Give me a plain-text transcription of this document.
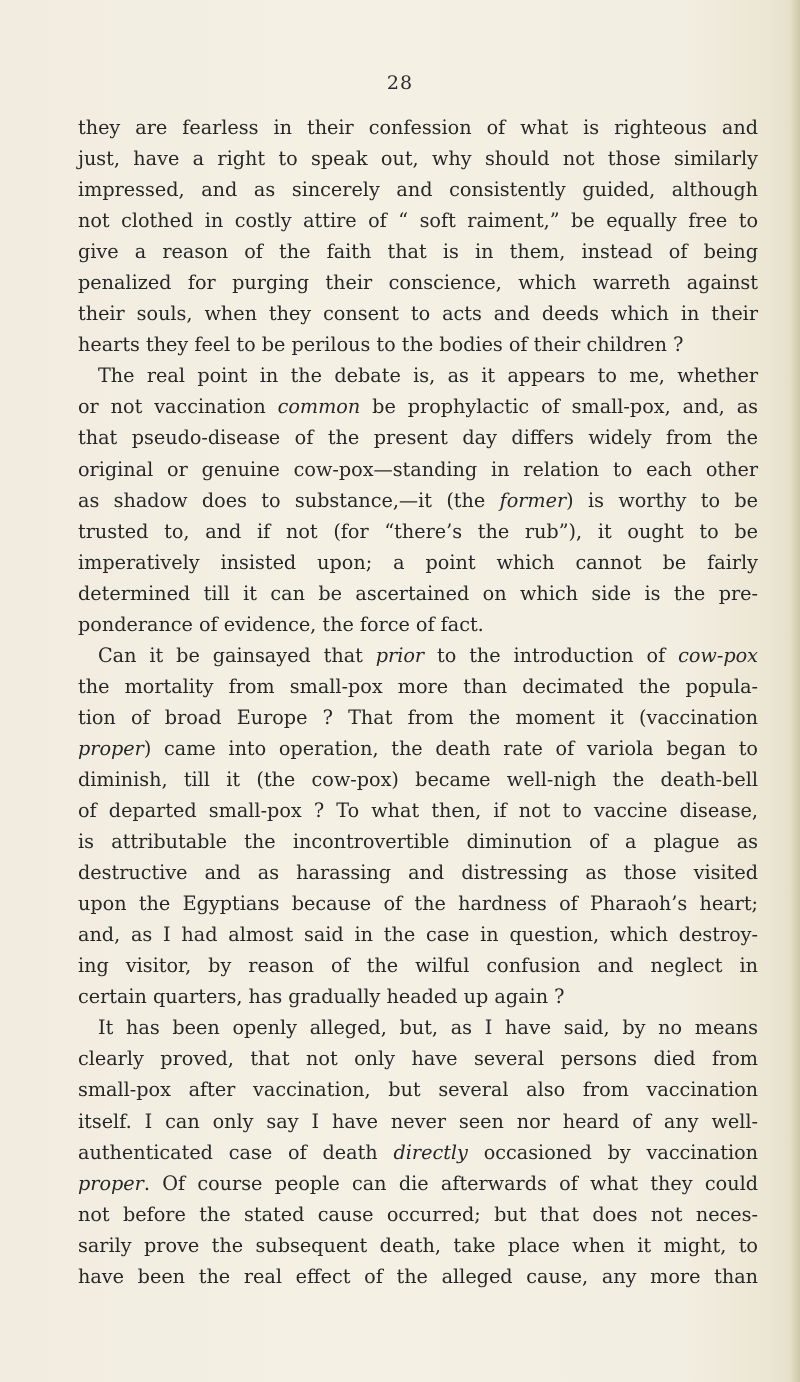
28
they are fearless in their confession of what is righteous and
just, have a right to speak out, why should not those similarly
impressed, and as sincerely and consistently guided, although
not clothed in costly attire of “ soft raiment,” be equally free to
give a reason of the faith that is in them, instead of being
penalized for purging their conscience, which warreth against
their souls, when they consent to acts and deeds which in their
hearts they feel to be perilous to the bodies of their children ?
The real point in the debate is, as it appears to me, whether
or not vaccination common be prophylactic of small-pox, and, as
that pseudo-disease of the present day differs widely from the
original or genuine cow-pox—standing in relation to each other
as shadow does to substance,—it (the former) is worthy to be
trusted to, and if not (for “there’s the rub”), it ought to be
imperatively insisted upon; a point which cannot be fairly
determined till it can be ascertained on which side is the pre-
ponderance of evidence, the force of fact.
Can it be gainsayed that prior to the introduction of cow-pox
the mortality from small-pox more than decimated the popula-
tion of broad Europe ? That from the moment it (vaccination
proper) came into operation, the death rate of variola began to
diminish, till it (the cow-pox) became well-nigh the death-bell
of departed small-pox ? To what then, if not to vaccine disease,
is attributable the incontrovertible diminution of a plague as
destructive and as harassing and distressing as those visited
upon the Egyptians because of the hardness of Pharaoh’s heart;
and, as I had almost said in the case in question, which destroy-
ing visitor, by reason of the wilful confusion and neglect in
certain quarters, has gradually headed up again ?
It has been openly alleged, but, as I have said, by no means
clearly proved, that not only have several persons died from
small-pox after vaccination, but several also from vaccination
itself. I can only say I have never seen nor heard of any well-
authenticated case of death directly occasioned by vaccination
proper. Of course people can die afterwards of what they could
not before the stated cause occurred; but that does not neces-
sarily prove the subsequent death, take place when it might, to
have been the real effect of the alleged cause, any more than
